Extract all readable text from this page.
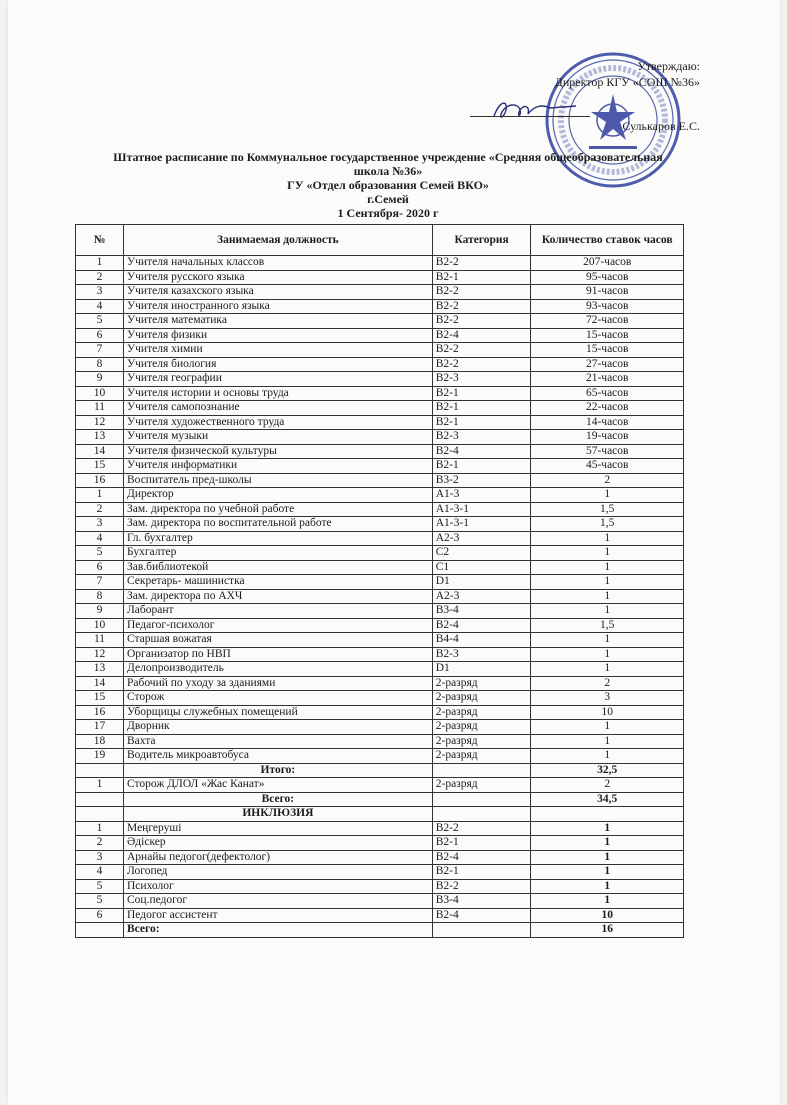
Утверждаю:
Директор КГУ «СОШ №36»
Сулькаров Е.С.
Штатное расписание по Коммунальное государственное учреждение «Средняя общеобразовательная
школа №36»
ГУ «Отдел образования Семей ВКО»
г.Семей
1 Сентября- 2020 г
№	Занимаемая должность	Категория	Количество ставок часов
1	Учителя начальных классов	B2-2	207-часов
2	Учителя русского языка	B2-1	95-часов
3	Учителя казахского языка	B2-2	91-часов
4	Учителя иностранного языка	B2-2	93-часов
5	Учителя математика	B2-2	72-часов
6	Учителя физики	B2-4	15-часов
7	Учителя химии	B2-2	15-часов
8	Учителя биология	B2-2	27-часов
9	Учителя географии	B2-3	21-часов
10	Учителя истории и основы труда	B2-1	65-часов
11	Учителя самопознание	B2-1	22-часов
12	Учителя художественного труда	B2-1	14-часов
13	Учителя музыки	B2-3	19-часов
14	Учителя физической культуры	B2-4	57-часов
15	Учителя информатики	B2-1	45-часов
16	Воспитатель пред-школы	B3-2	2
1	Директор	A1-3	1
2	Зам. директора по учебной работе	A1-3-1	1,5
3	Зам. директора по воспитательной работе	A1-3-1	1,5
4	Гл. бухгалтер	A2-3	1
5	Бухгалтер	C2	1
6	Зав.библиотекой	C1	1
7	Секретарь- машинистка	D1	1
8	Зам. директора по АХЧ	A2-3	1
9	Лаборант	B3-4	1
10	Педагог-психолог	B2-4	1,5
11	Старшая вожатая	B4-4	1
12	Организатор по НВП	B2-3	1
13	Делопроизводитель	D1	1
14	Рабочий по уходу за зданиями	2-разряд	2
15	Сторож	2-разряд	3
16	Уборщицы служебных помещений	2-разряд	10
17	Дворник	2-разряд	1
18	Вахта	2-разряд	1
19	Водитель микроавтобуса	2-разряд	1
	Итого:		32,5
1	Сторож ДЛОЛ «Жас Канат»	2-разряд	2
	Всего:		34,5
	ИНКЛЮЗИЯ		
1	Меңгеруші	B2-2	1
2	Әдіскер	B2-1	1
3	Арнайы педогог(дефектолог)	B2-4	1
4	Логопед	B2-1	1
5	Психолог	B2-2	1
5	Соц.педогог	B3-4	1
6	Педогог ассистент	B2-4	10
	Всего:		16
